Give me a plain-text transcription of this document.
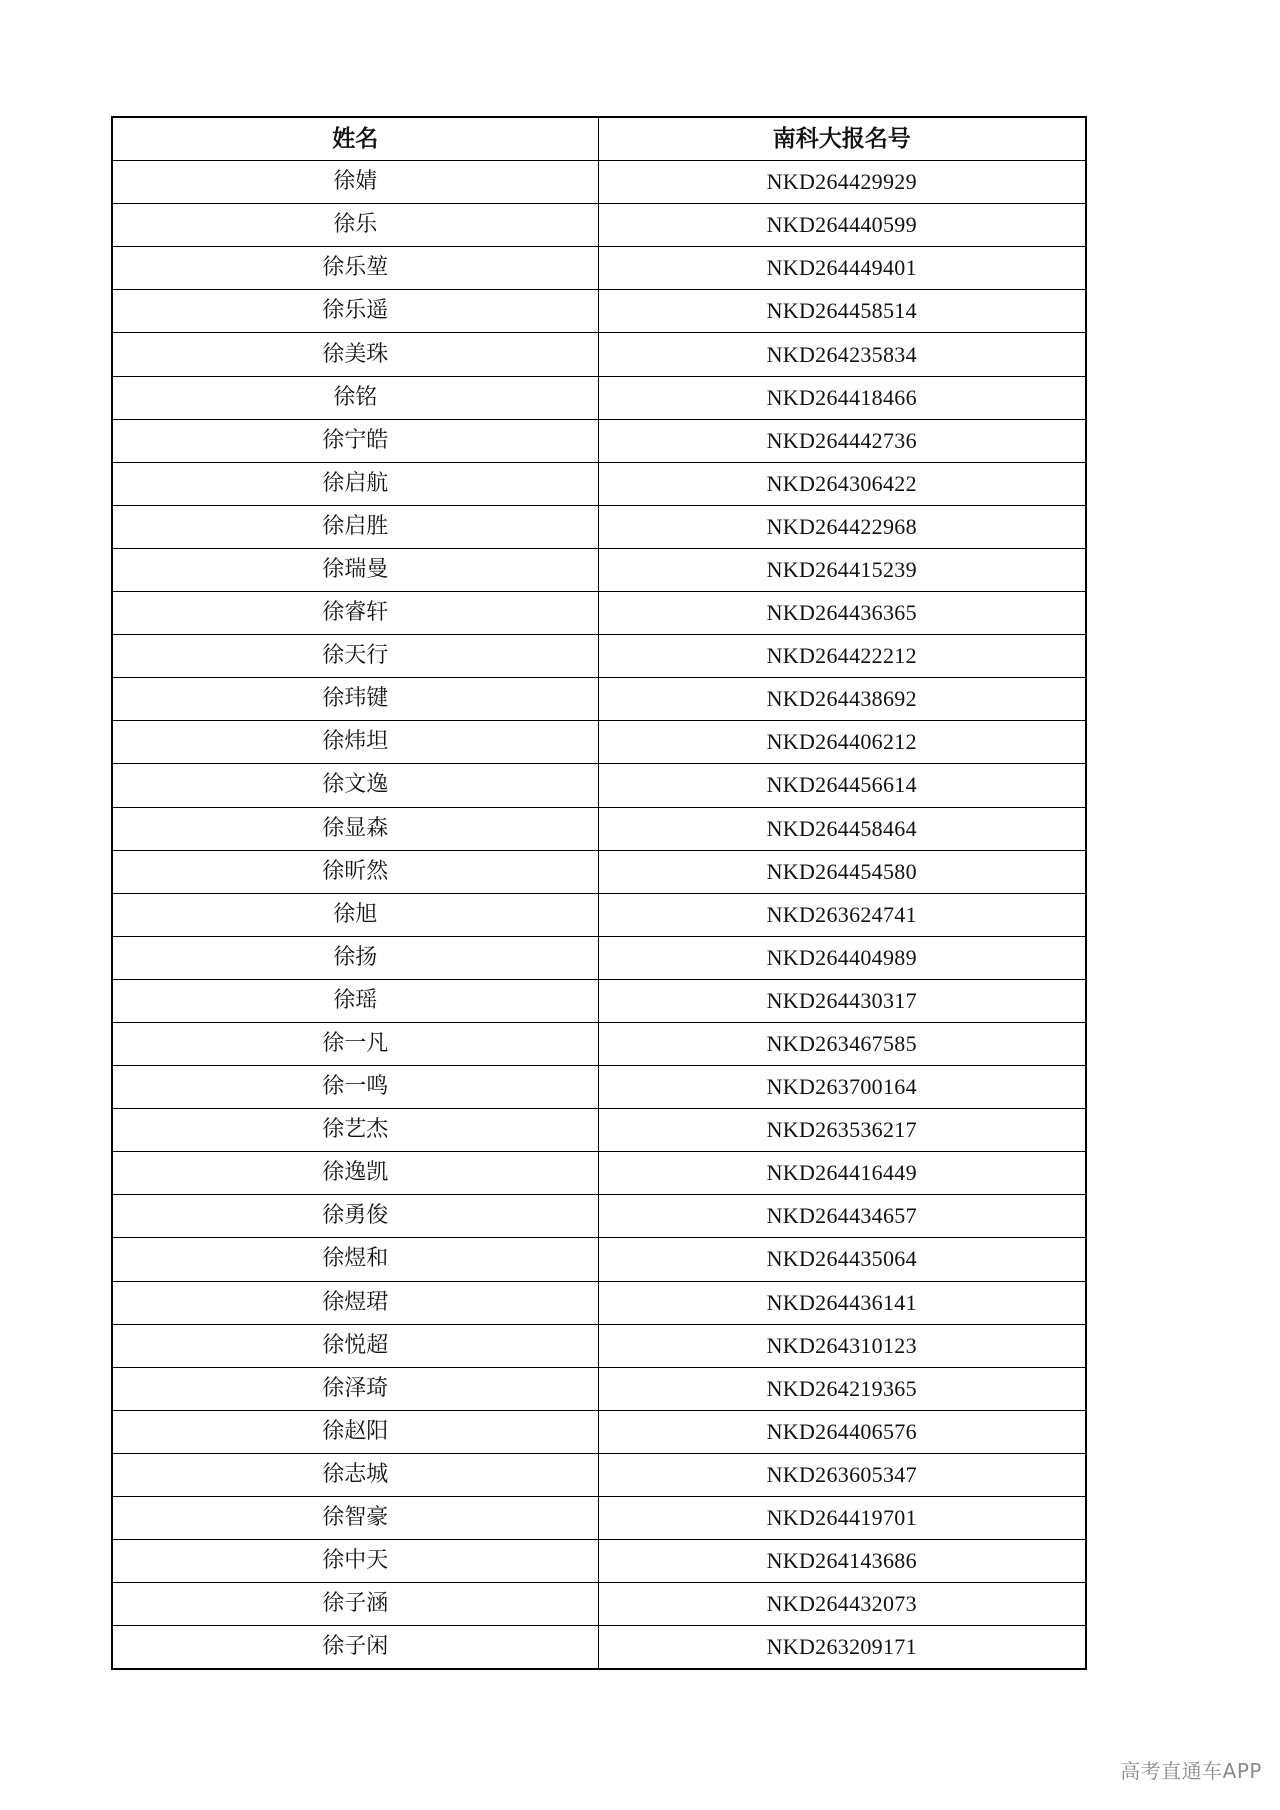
姓名	南科大报名号
徐婧	NKD264429929
徐乐	NKD264440599
徐乐堃	NKD264449401
徐乐遥	NKD264458514
徐美珠	NKD264235834
徐铭	NKD264418466
徐宁皓	NKD264442736
徐启航	NKD264306422
徐启胜	NKD264422968
徐瑞曼	NKD264415239
徐睿轩	NKD264436365
徐天行	NKD264422212
徐玮键	NKD264438692
徐炜坦	NKD264406212
徐文逸	NKD264456614
徐显森	NKD264458464
徐昕然	NKD264454580
徐旭	NKD263624741
徐扬	NKD264404989
徐瑶	NKD264430317
徐一凡	NKD263467585
徐一鸣	NKD263700164
徐艺杰	NKD263536217
徐逸凯	NKD264416449
徐勇俊	NKD264434657
徐煜和	NKD264435064
徐煜珺	NKD264436141
徐悦超	NKD264310123
徐泽琦	NKD264219365
徐赵阳	NKD264406576
徐志城	NKD263605347
徐智豪	NKD264419701
徐中天	NKD264143686
徐子涵	NKD264432073
徐子闲	NKD263209171
高考直通车APP
